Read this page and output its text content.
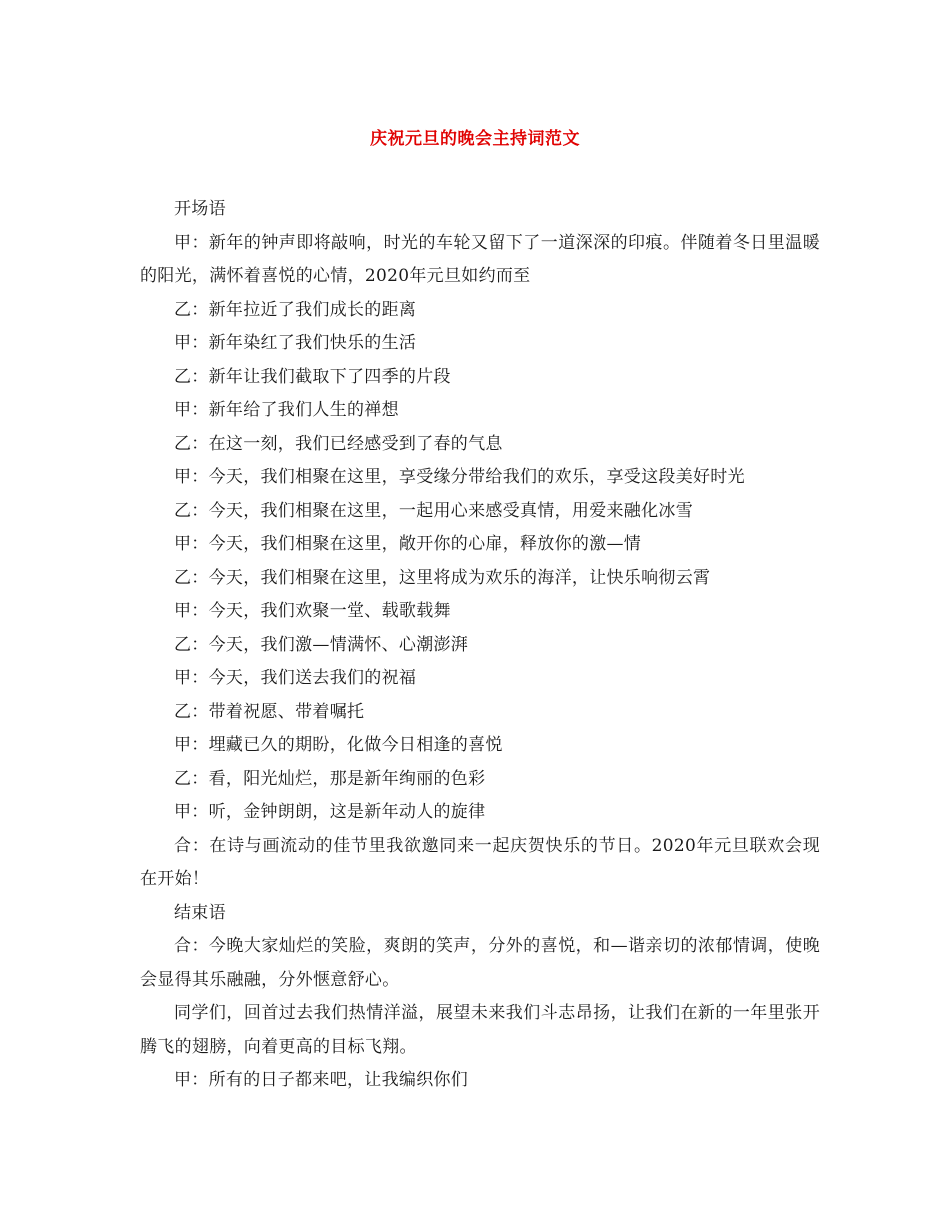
庆祝元旦的晚会主持词范文

开场语

甲：新年的钟声即将敲响，时光的车轮又留下了一道深深的印痕。伴随着冬日里温暖的阳光，满怀着喜悦的心情，2020年元旦如约而至

乙：新年拉近了我们成长的距离

甲：新年染红了我们快乐的生活

乙：新年让我们截取下了四季的片段

甲：新年给了我们人生的禅想

乙：在这一刻，我们已经感受到了春的气息

甲：今天，我们相聚在这里，享受缘分带给我们的欢乐，享受这段美好时光

乙：今天，我们相聚在这里，一起用心来感受真情，用爱来融化冰雪

甲：今天，我们相聚在这里，敞开你的心扉，释放你的激—情

乙：今天，我们相聚在这里，这里将成为欢乐的海洋，让快乐响彻云霄

甲：今天，我们欢聚一堂、载歌载舞

乙：今天，我们激—情满怀、心潮澎湃

甲：今天，我们送去我们的祝福

乙：带着祝愿、带着嘱托

甲：埋藏已久的期盼，化做今日相逢的喜悦

乙：看，阳光灿烂，那是新年绚丽的色彩

甲：听，金钟朗朗，这是新年动人的旋律

合：在诗与画流动的佳节里我欲邀同来一起庆贺快乐的节日。2020年元旦联欢会现在开始！

结束语

合：今晚大家灿烂的笑脸，爽朗的笑声，分外的喜悦，和—谐亲切的浓郁情调，使晚会显得其乐融融，分外惬意舒心。

同学们，回首过去我们热情洋溢，展望未来我们斗志昂扬，让我们在新的一年里张开腾飞的翅膀，向着更高的目标飞翔。

甲：所有的日子都来吧，让我编织你们
